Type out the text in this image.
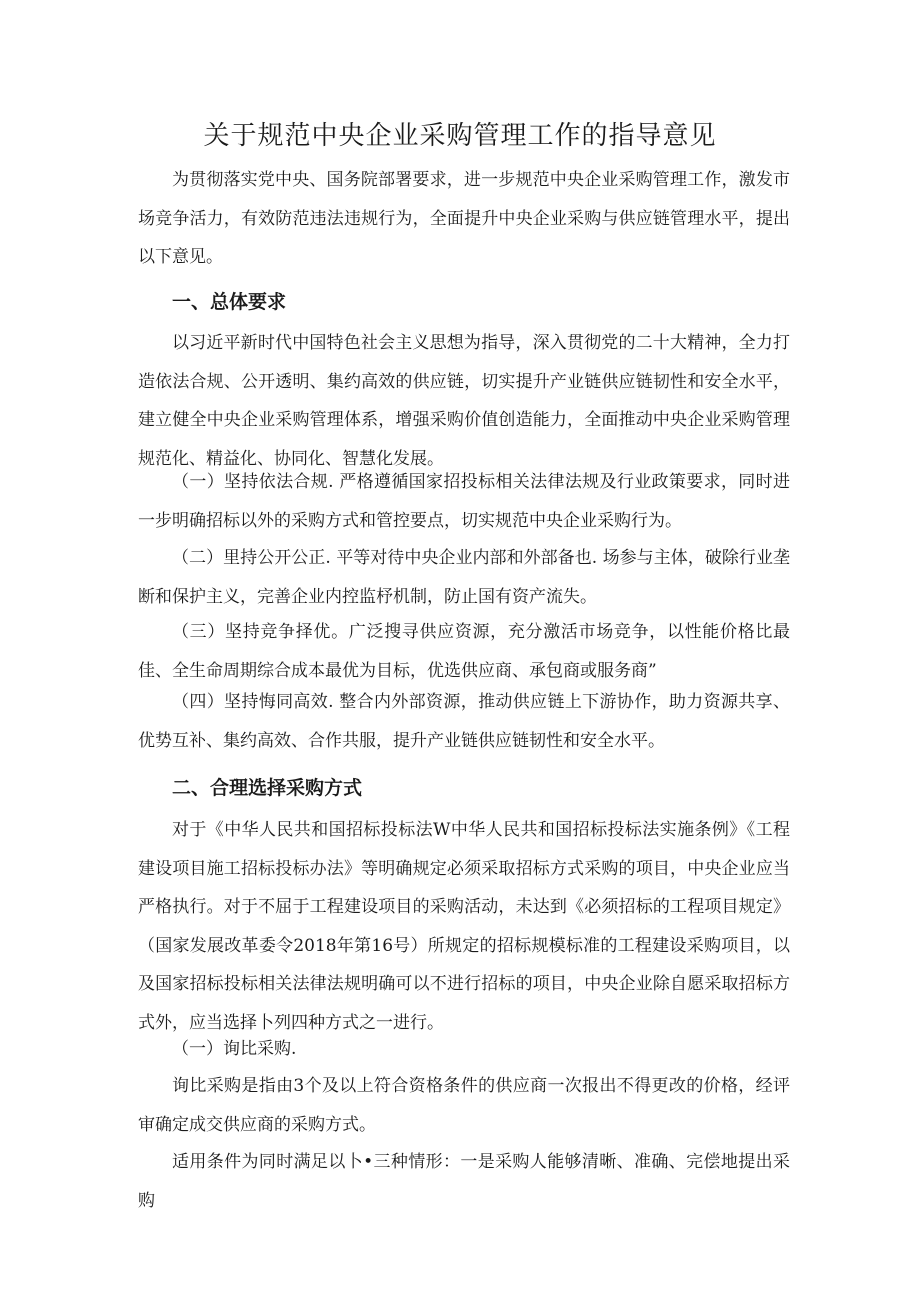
关于规范中央企业采购管理工作的指导意见

为贯彻落实党中央、国务院部署要求，进一步规范中央企业采购管理工作，激发市场竞争活力，有效防范违法违规行为，全面提升中央企业采购与供应链管理水平，提出以下意见。

一、总体要求

以习近平新时代中国特色社会主义思想为指导，深入贯彻党的二十大精神，全力打造依法合规、公开透明、集约高效的供应链，切实提升产业链供应链韧性和安全水平，建立健全中央企业采购管理体系，增强采购价值创造能力，全面推动中央企业采购管理规范化、精益化、协同化、智慧化发展。

（一）坚持依法合规. 严格遵循国家招投标相关法律法规及行业政策要求，同时进一步明确招标以外的采购方式和管控要点，切实规范中央企业采购行为。

（二）里持公开公正. 平等对待中央企业内部和外部备也. 场参与主体，破除行业垄断和保护主义，完善企业内控监杼机制，防止国有资产流失。

（三）坚持竞争择优。广泛搜寻供应资源，充分激活市场竞争，以性能价格比最佳、全生命周期综合成本最优为目标，优选供应商、承包商或服务商”

（四）坚持悔同高效. 整合内外部资源，推动供应链上下游协作，助力资源共享、优势互补、集约高效、合作共服，提升产业链供应链韧性和安全水平。

二、合理选择采购方式

对于《中华人民共和国招标投标法W中华人民共和国招标投标法实施条例》《工程建设项目施工招标投标办法》等明确规定必须采取招标方式采购的项目，中央企业应当严格执行。对于不屈于工程建设项目的采购活动，未达到《必须招标的工程项目规定》（国家发展改革委令2018年第16号）所规定的招标规模标准的工程建设采购项目，以及国家招标投标相关法律法规明确可以不进行招标的项目，中央企业除自愿采取招标方式外，应当选择卜列四种方式之一进行。

（一）询比采购.

询比采购是指由3个及以上符合资格条件的供应商一次报出不得更改的价格，经评审确定成交供应商的采购方式。

适用条件为同时满足以卜•三种情形：一是采购人能够清晰、准确、完偿地提出采购
